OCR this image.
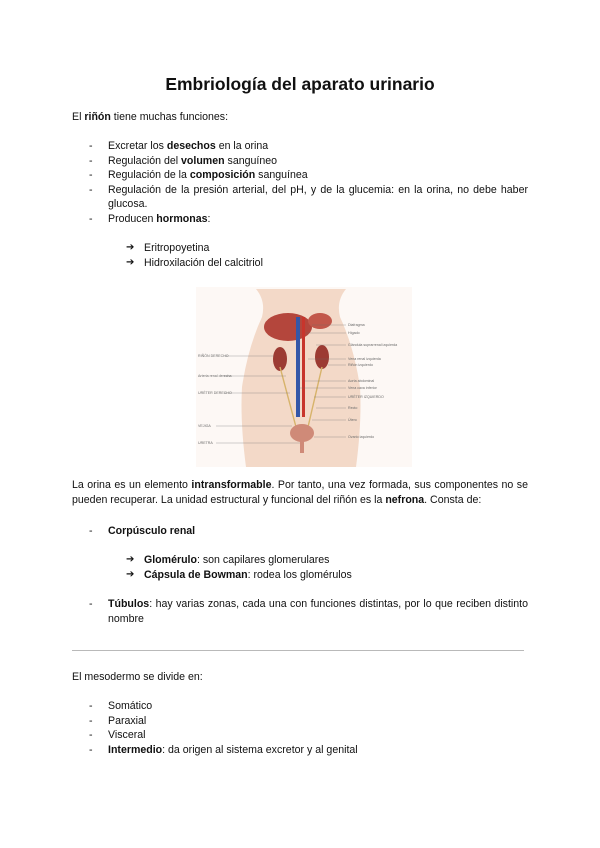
Embriología del aparato urinario
El riñón tiene muchas funciones:
- Excretar los desechos en la orina
- Regulación del volumen sanguíneo
- Regulación de la composición sanguínea
- Regulación de la presión arterial, del pH, y de la glucemia: en la orina, no debe haber glucosa.
- Producen hormonas:
➔ Eritropoyetina
➔ Hidroxilación del calcitriol
RIÑÓN DERECHO
Arteria renal derecha
URÉTER DERECHO
VEJIGA
URETRA
Diafragma
Hígado
Glándula suprarrenal izquierda
Vena renal izquierda
Riñón izquierdo
Aorta abdominal
Vena cava inferior
URÉTER IZQUIERDO
Recto
Útero
Ovario izquierdo
La orina es un elemento intransformable. Por tanto, una vez formada, sus componentes no se pueden recuperar. La unidad estructural y funcional del riñón es la nefrona. Consta de:
- Corpúsculo renal
➔ Glomérulo: son capilares glomerulares
➔ Cápsula de Bowman: rodea los glomérulos
- Túbulos: hay varias zonas, cada una con funciones distintas, por lo que reciben distinto nombre
El mesodermo se divide en:
- Somático
- Paraxial
- Visceral
- Intermedio: da origen al sistema excretor y al genital
